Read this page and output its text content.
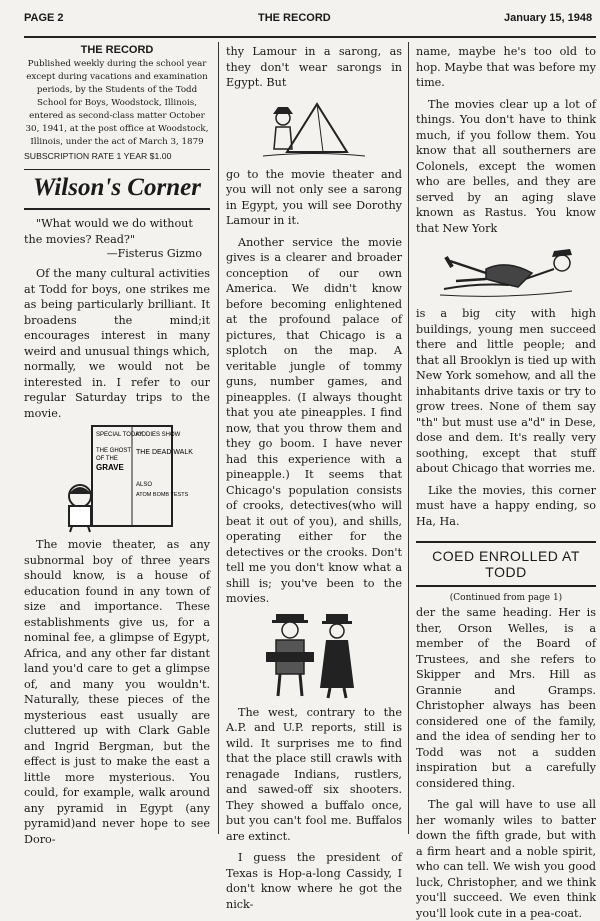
PAGE 2	THE RECORD	January 15, 1948

THE RECORD

Published weekly during the school year except during vacations and examination periods, by the Students of the Todd School for Boys, Woodstock, Illinois, entered as second-class matter October 30, 1941, at the post office at Woodstock, Illinois, under the act of March 3, 1879

SUBSCRIPTION RATE 1 YEAR $1.00

Wilson's Corner

"What would we do without the movies? Read?"

—Fisterus Gizmo

Of the many cultural activities at Todd for boys, one strikes me as being particularly brilliant. It broadens the mind;it encourages interest in many weird and unusual things which, normally, we would not be interested in. I refer to our regular Saturday trips to the movie.

SPECIAL TODAY
KIDDIES SHOW
THE GHOST
OF THE
GRAVE
THE DEAD WALK
ALSO
ATOM BOMB TESTS

The movie theater, as any subnormal boy of three years should know, is a house of education found in any town of size and importance. These establishments give us, for a nominal fee, a glimpse of Egypt, Africa, and any other far distant land you'd care to get a glimpse of, and many you wouldn't. Naturally, these pieces of the mysterious east usually are cluttered up with Clark Gable and Ingrid Bergman, but the effect is just to make the east a little more mysterious. You could, for example, walk around any pyramid in Egypt (any pyramid)and never hope to see Doro-

thy Lamour in a sarong, as they don't wear sarongs in Egypt. But

go to the movie theater and you will not only see a sarong in Egypt, you will see Dorothy Lamour in it.

Another service the movie gives is a clearer and broader conception of our own America. We didn't know before becoming enlightened at the profound palace of pictures, that Chicago is a splotch on the map. A veritable jungle of tommy guns, number games, and pineapples. (I always thought that you ate pineapples. I find now, that you throw them and they go boom. I have never had this experience with a pineapple.) It seems that Chicago's population consists of crooks, detectives(who will beat it out of you), and shills, operating either for the detectives or the crooks. Don't tell me you don't know what a shill is; you've been to the movies.

The west, contrary to the A.P. and U.P. reports, still is wild. It surprises me to find that the place still crawls with renagade Indians, rustlers, and sawed-off six shooters. They showed a buffalo once, but you can't fool me. Buffalos are extinct.

I guess the president of Texas is Hop-a-long Cassidy, I don't know where he got the nick-

name, maybe he's too old to hop. Maybe that was before my time.

The movies clear up a lot of things. You don't have to think much, if you follow them. You know that all southerners are Colonels, except the women who are belles, and they are served by an aging slave known as Rastus. You know that New York

is a big city with high buildings, young men succeed there and little people; and that all Brooklyn is tied up with New York somehow, and all the inhabitants drive taxis or try to grow trees. None of them say "th" but must use a"d" in Dese, dose and dem. It's really very soothing, except that stuff about Chicago that worries me.

Like the movies, this corner must have a happy ending, so Ha, Ha.

COED ENROLLED AT TODD

(Continued from page 1)

der the same heading. Her is ther, Orson Welles, is a member of the Board of Trustees, and she refers to Skipper and Mrs. Hill as Grannie and Gramps. Christopher always has been considered one of the family, and the idea of sending her to Todd was not a sudden inspiration but a carefully considered thing.

The gal will have to use all her womanly wiles to batter down the fifth grade, but with a firm heart and a noble spirit, who can tell. We wish you good luck, Christopher, and we think you'll succeed. We even think you'll look cute in a pea-coat.
